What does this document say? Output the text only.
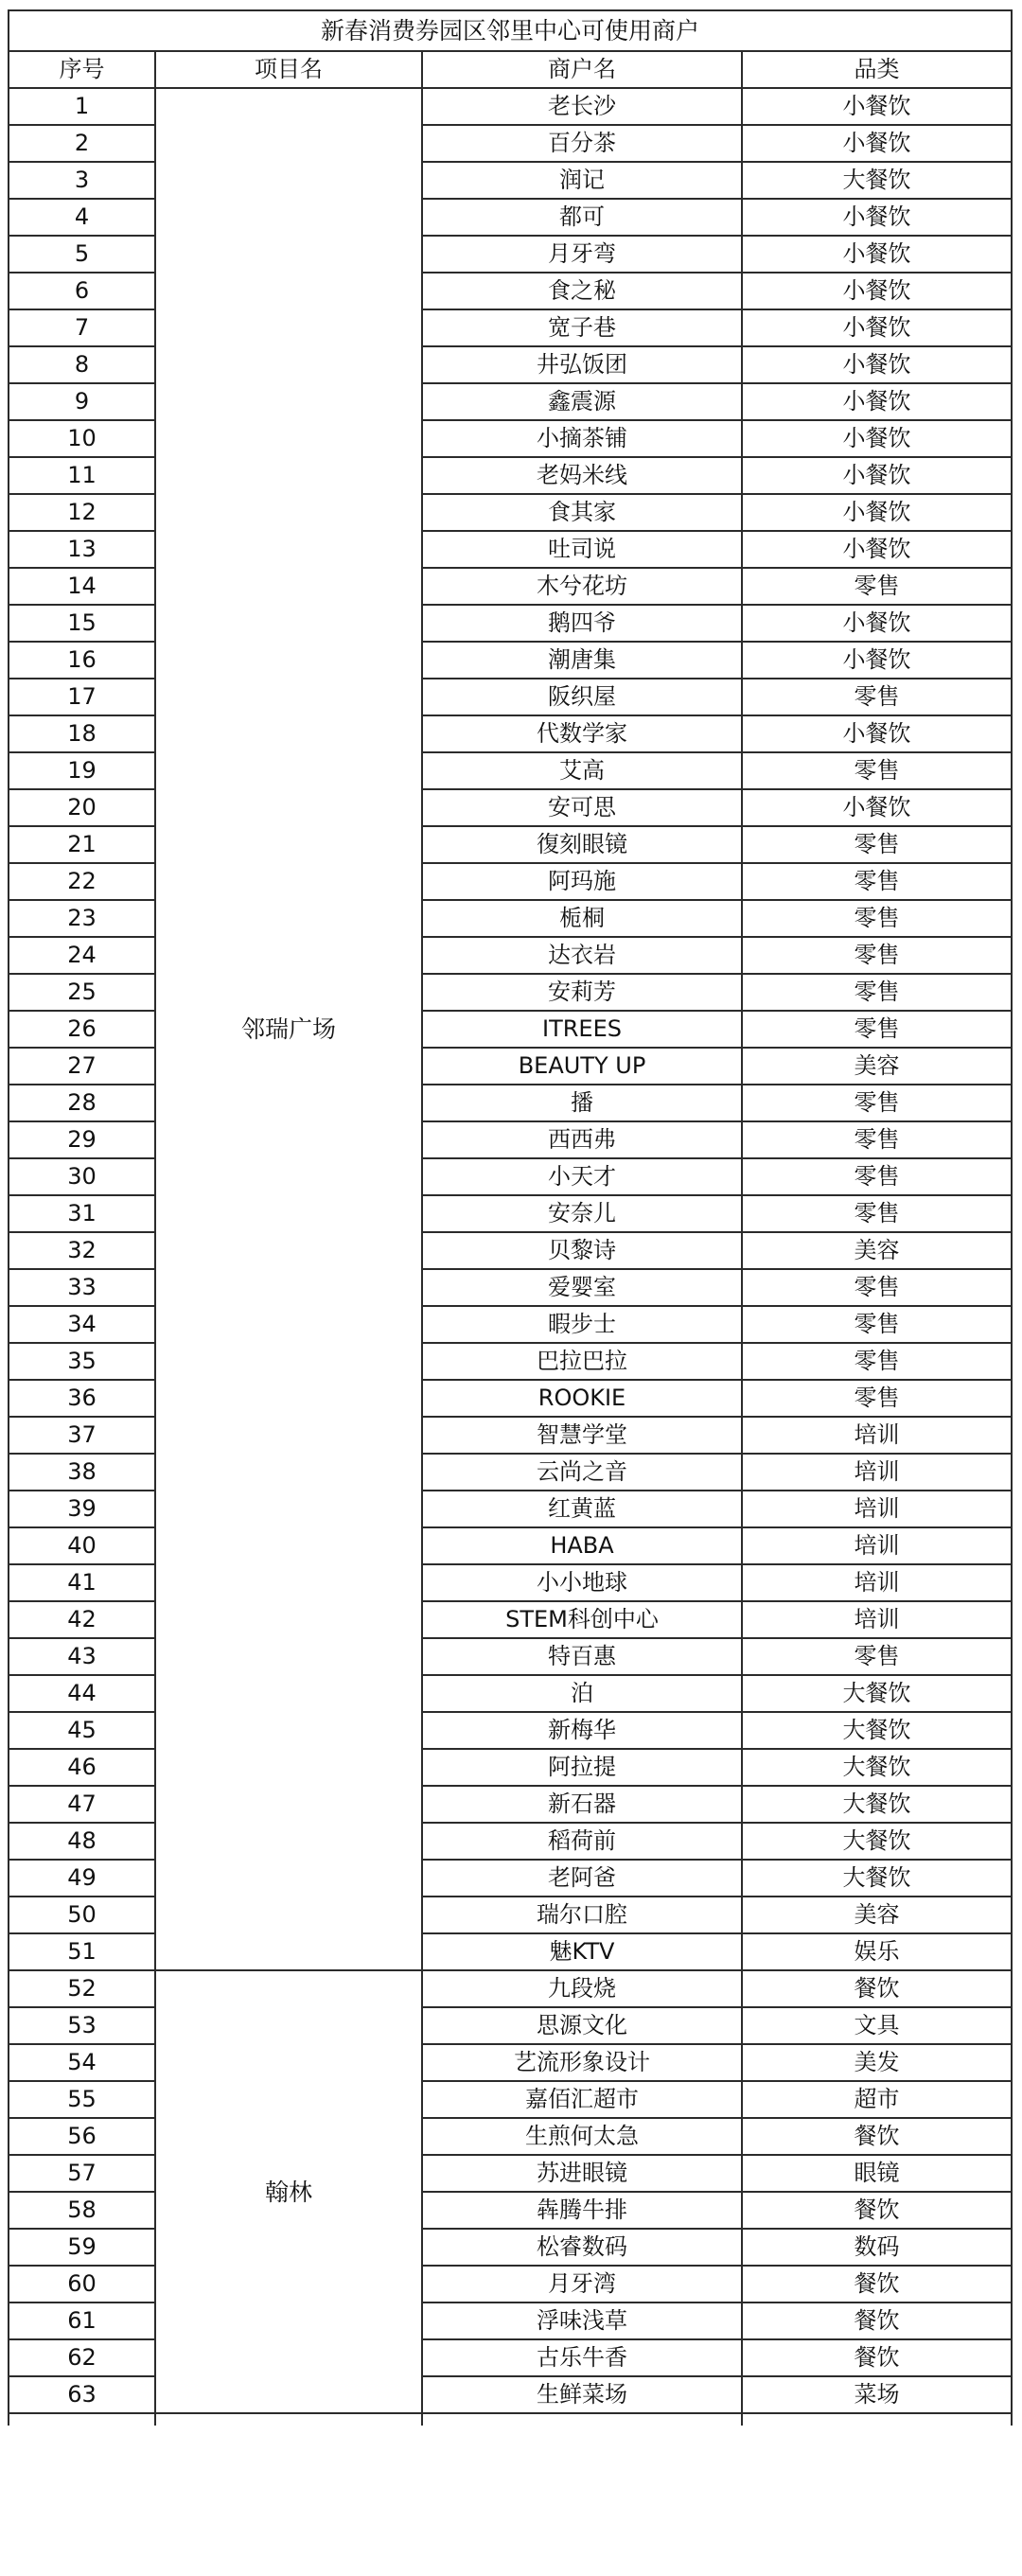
新春消费券园区邻里中心可使用商户			
序号	项目名	商户名	品类
1	邻瑞广场	老长沙	小餐饮
2		百分茶	小餐饮
3		润记	大餐饮
4		都可	小餐饮
5		月牙弯	小餐饮
6		食之秘	小餐饮
7		宽子巷	小餐饮
8		井弘饭团	小餐饮
9		鑫震源	小餐饮
10		小摘茶铺	小餐饮
11		老妈米线	小餐饮
12		食其家	小餐饮
13		吐司说	小餐饮
14		木兮花坊	零售
15		鹅四爷	小餐饮
16		潮唐集	小餐饮
17		阪织屋	零售
18		代数学家	小餐饮
19		艾高	零售
20		安可思	小餐饮
21		復刻眼镜	零售
22		阿玛施	零售
23		栀桐	零售
24		达衣岩	零售
25		安莉芳	零售
26		ITREES	零售
27		BEAUTY UP	美容
28		播	零售
29		西西弗	零售
30		小天才	零售
31		安奈儿	零售
32		贝黎诗	美容
33		爱婴室	零售
34		暇步士	零售
35		巴拉巴拉	零售
36		ROOKIE	零售
37		智慧学堂	培训
38		云尚之音	培训
39		红黄蓝	培训
40		HABA	培训
41		小小地球	培训
42		STEM科创中心	培训
43		特百惠	零售
44		泊	大餐饮
45		新梅华	大餐饮
46		阿拉提	大餐饮
47		新石器	大餐饮
48		稻荷前	大餐饮
49		老阿爸	大餐饮
50		瑞尔口腔	美容
51		魅KTV	娱乐
52	翰林	九段烧	餐饮
53		思源文化	文具
54		艺流形象设计	美发
55		嘉佰汇超市	超市
56		生煎何太急	餐饮
57		苏进眼镜	眼镜
58		犇腾牛排	餐饮
59		松睿数码	数码
60		月牙湾	餐饮
61		浮味浅草	餐饮
62		古乐牛香	餐饮
63		生鲜菜场	菜场
